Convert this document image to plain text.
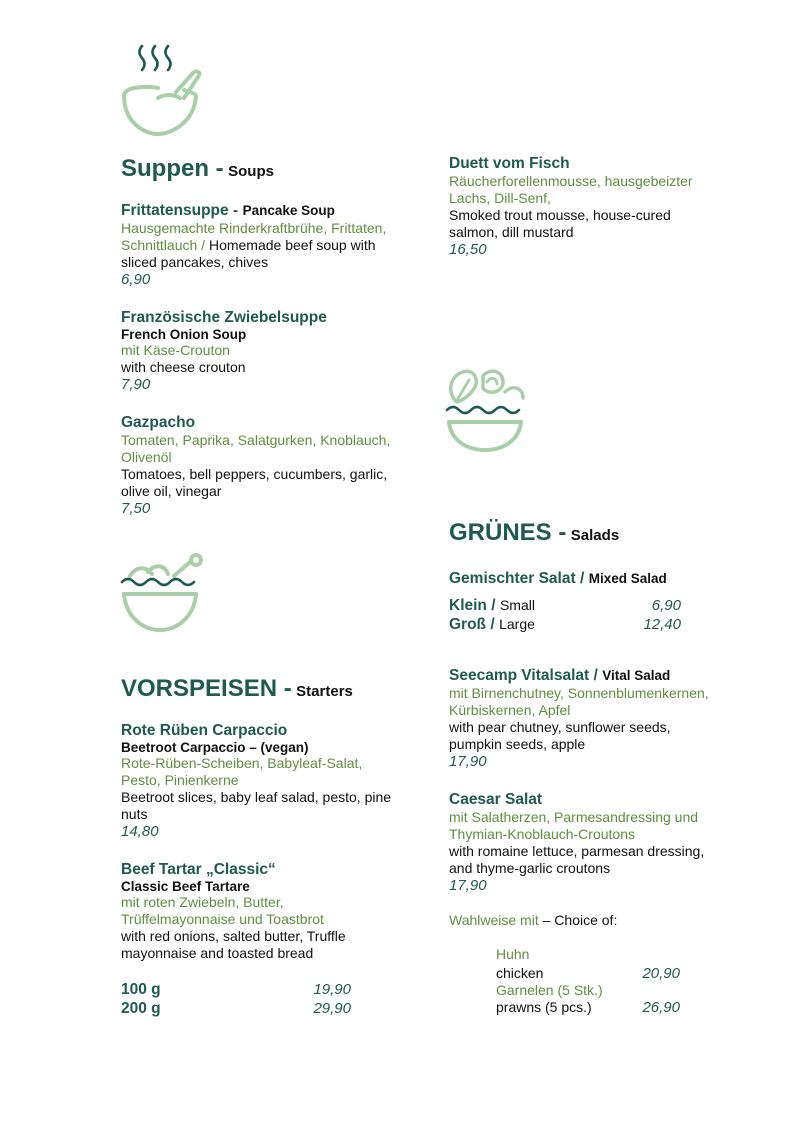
Suppen - Soups
Frittatensuppe - Pancake Soup
Hausgemachte Rinderkraftbrühe, Frittaten, Schnittlauch / Homemade beef soup with sliced pancakes, chives
6,90
Französische Zwiebelsuppe
French Onion Soup
mit Käse-Crouton
with cheese crouton
7,90
Gazpacho
Tomaten, Paprika, Salatgurken, Knoblauch, Olivenöl
Tomatoes, bell peppers, cucumbers, garlic, olive oil, vinegar
7,50
VORSPEISEN - Starters
Rote Rüben Carpaccio
Beetroot Carpaccio – (vegan)
Rote-Rüben-Scheiben, Babyleaf-Salat, Pesto, Pinienkerne
Beetroot slices, baby leaf salad, pesto, pine nuts
14,80
Beef Tartar „Classic“
Classic Beef Tartare
mit roten Zwiebeln, Butter, Trüffelmayonnaise und Toastbrot
with red onions, salted butter, Truffle mayonnaise and toasted bread
100 g	19,90
200 g	29,90
Duett vom Fisch
Räucherforellenmousse, hausgebeizter Lachs, Dill-Senf,
Smoked trout mousse, house-cured salmon, dill mustard
16,50
GRÜNES - Salads
Gemischter Salat / Mixed Salad
Klein / Small	6,90
Groß / Large	12,40
Seecamp Vitalsalat / Vital Salad
mit Birnenchutney, Sonnenblumenkernen, Kürbiskernen, Apfel
with pear chutney, sunflower seeds, pumpkin seeds, apple
17,90
Caesar Salat
mit Salatherzen, Parmesandressing und Thymian-Knoblauch-Croutons
with romaine lettuce, parmesan dressing, and thyme-garlic croutons
17,90
Wahlweise mit – Choice of:
Huhn
chicken	20,90
Garnelen (5 Stk.)
prawns (5 pcs.)	26,90
